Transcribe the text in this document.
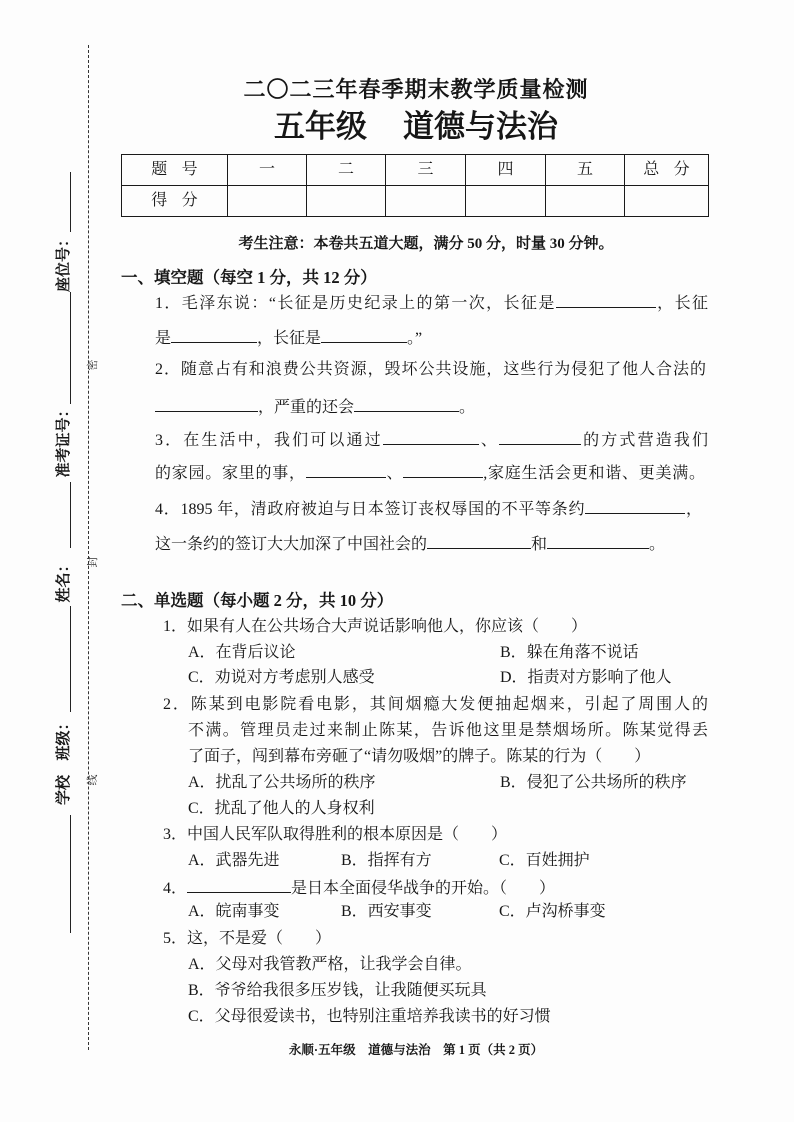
座位号：
准考证号：
姓名：
班级：
学校
密
封
线
二〇二三年春季期末教学质量检测
五年级 道德与法治
题号	一	二	三	四	五	总分
得分						
考生注意：本卷共五道大题，满分 50 分，时量 30 分钟。
一、填空题（每空 1 分，共 12 分）
1．毛泽东说：“长征是历史纪录上的第一次，长征是	，长征
是	，长征是	。”
2．随意占有和浪费公共资源，毁坏公共设施，这些行为侵犯了他人合法的
，严重的还会	。
3．在生活中，我们可以通过	、	的方式营造我们
的家园。家里的事，	、	,家庭生活会更和谐、更美满。
4．1895 年，清政府被迫与日本签订丧权辱国的不平等条约	，
这一条约的签订大大加深了中国社会的	和	。
二、单选题（每小题 2 分，共 10 分）
1．如果有人在公共场合大声说话影响他人，你应该（　　）
A．在背后议论	B．躲在角落不说话
C．劝说对方考虑别人感受	D．指责对方影响了他人
2．陈某到电影院看电影，其间烟瘾大发便抽起烟来，引起了周围人的
不满。管理员走过来制止陈某，告诉他这里是禁烟场所。陈某觉得丢
了面子，闯到幕布旁砸了“请勿吸烟”的牌子。陈某的行为（　　）
A．扰乱了公共场所的秩序	B．侵犯了公共场所的秩序
C．扰乱了他人的人身权利
3．中国人民军队取得胜利的根本原因是（　　）
A．武器先进	B．指挥有方	C．百姓拥护
4．	是日本全面侵华战争的开始。（　　）
A．皖南事变	B．西安事变	C．卢沟桥事变
5．这，不是爱（　　）
A．父母对我管教严格，让我学会自律。
B．爷爷给我很多压岁钱，让我随便买玩具
C．父母很爱读书，也特别注重培养我读书的好习惯
永顺·五年级　道德与法治　第 1 页（共 2 页）
